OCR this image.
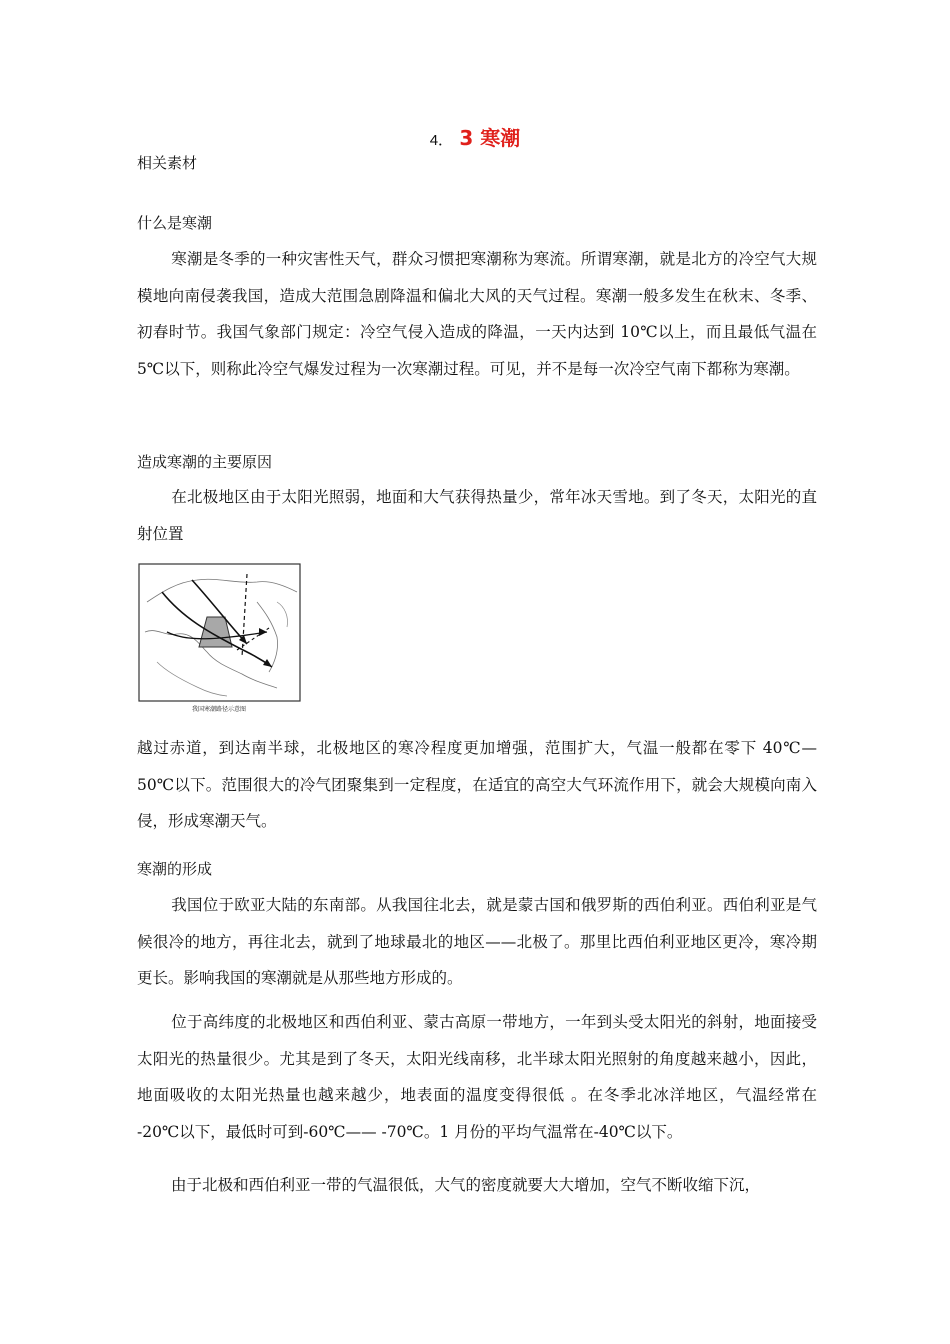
4． 3 寒潮
相关素材
什么是寒潮
寒潮是冬季的一种灾害性天气，群众习惯把寒潮称为寒流。所谓寒潮，就是北方的冷空气大规模地向南侵袭我国，造成大范围急剧降温和偏北大风的天气过程。寒潮一般多发生在秋末、冬季、初春时节。我国气象部门规定：冷空气侵入造成的降温，一天内达到 10℃以上，而且最低气温在 5℃以下，则称此冷空气爆发过程为一次寒潮过程。可见，并不是每一次冷空气南下都称为寒潮。
造成寒潮的主要原因
在北极地区由于太阳光照弱，地面和大气获得热量少，常年冰天雪地。到了冬天，太阳光的直射位置
我国寒潮路径示意图
越过赤道，到达南半球，北极地区的寒冷程度更加增强，范围扩大，气温一般都在零下 40℃—50℃以下。范围很大的冷气团聚集到一定程度，在适宜的高空大气环流作用下，就会大规模向南入侵，形成寒潮天气。
寒潮的形成
我国位于欧亚大陆的东南部。从我国往北去，就是蒙古国和俄罗斯的西伯利亚。西伯利亚是气候很冷的地方，再往北去，就到了地球最北的地区——北极了。那里比西伯利亚地区更冷，寒冷期更长。影响我国的寒潮就是从那些地方形成的。
位于高纬度的北极地区和西伯利亚、蒙古高原一带地方，一年到头受太阳光的斜射，地面接受太阳光的热量很少。尤其是到了冬天，太阳光线南移，北半球太阳光照射的角度越来越小，因此，地面吸收的太阳光热量也越来越少，地表面的温度变得很低 。在冬季北冰洋地区，气温经常在 -20℃以下，最低时可到-60℃—— -70℃。1 月份的平均气温常在-40℃以下。
由于北极和西伯利亚一带的气温很低，大气的密度就要大大增加，空气不断收缩下沉，
